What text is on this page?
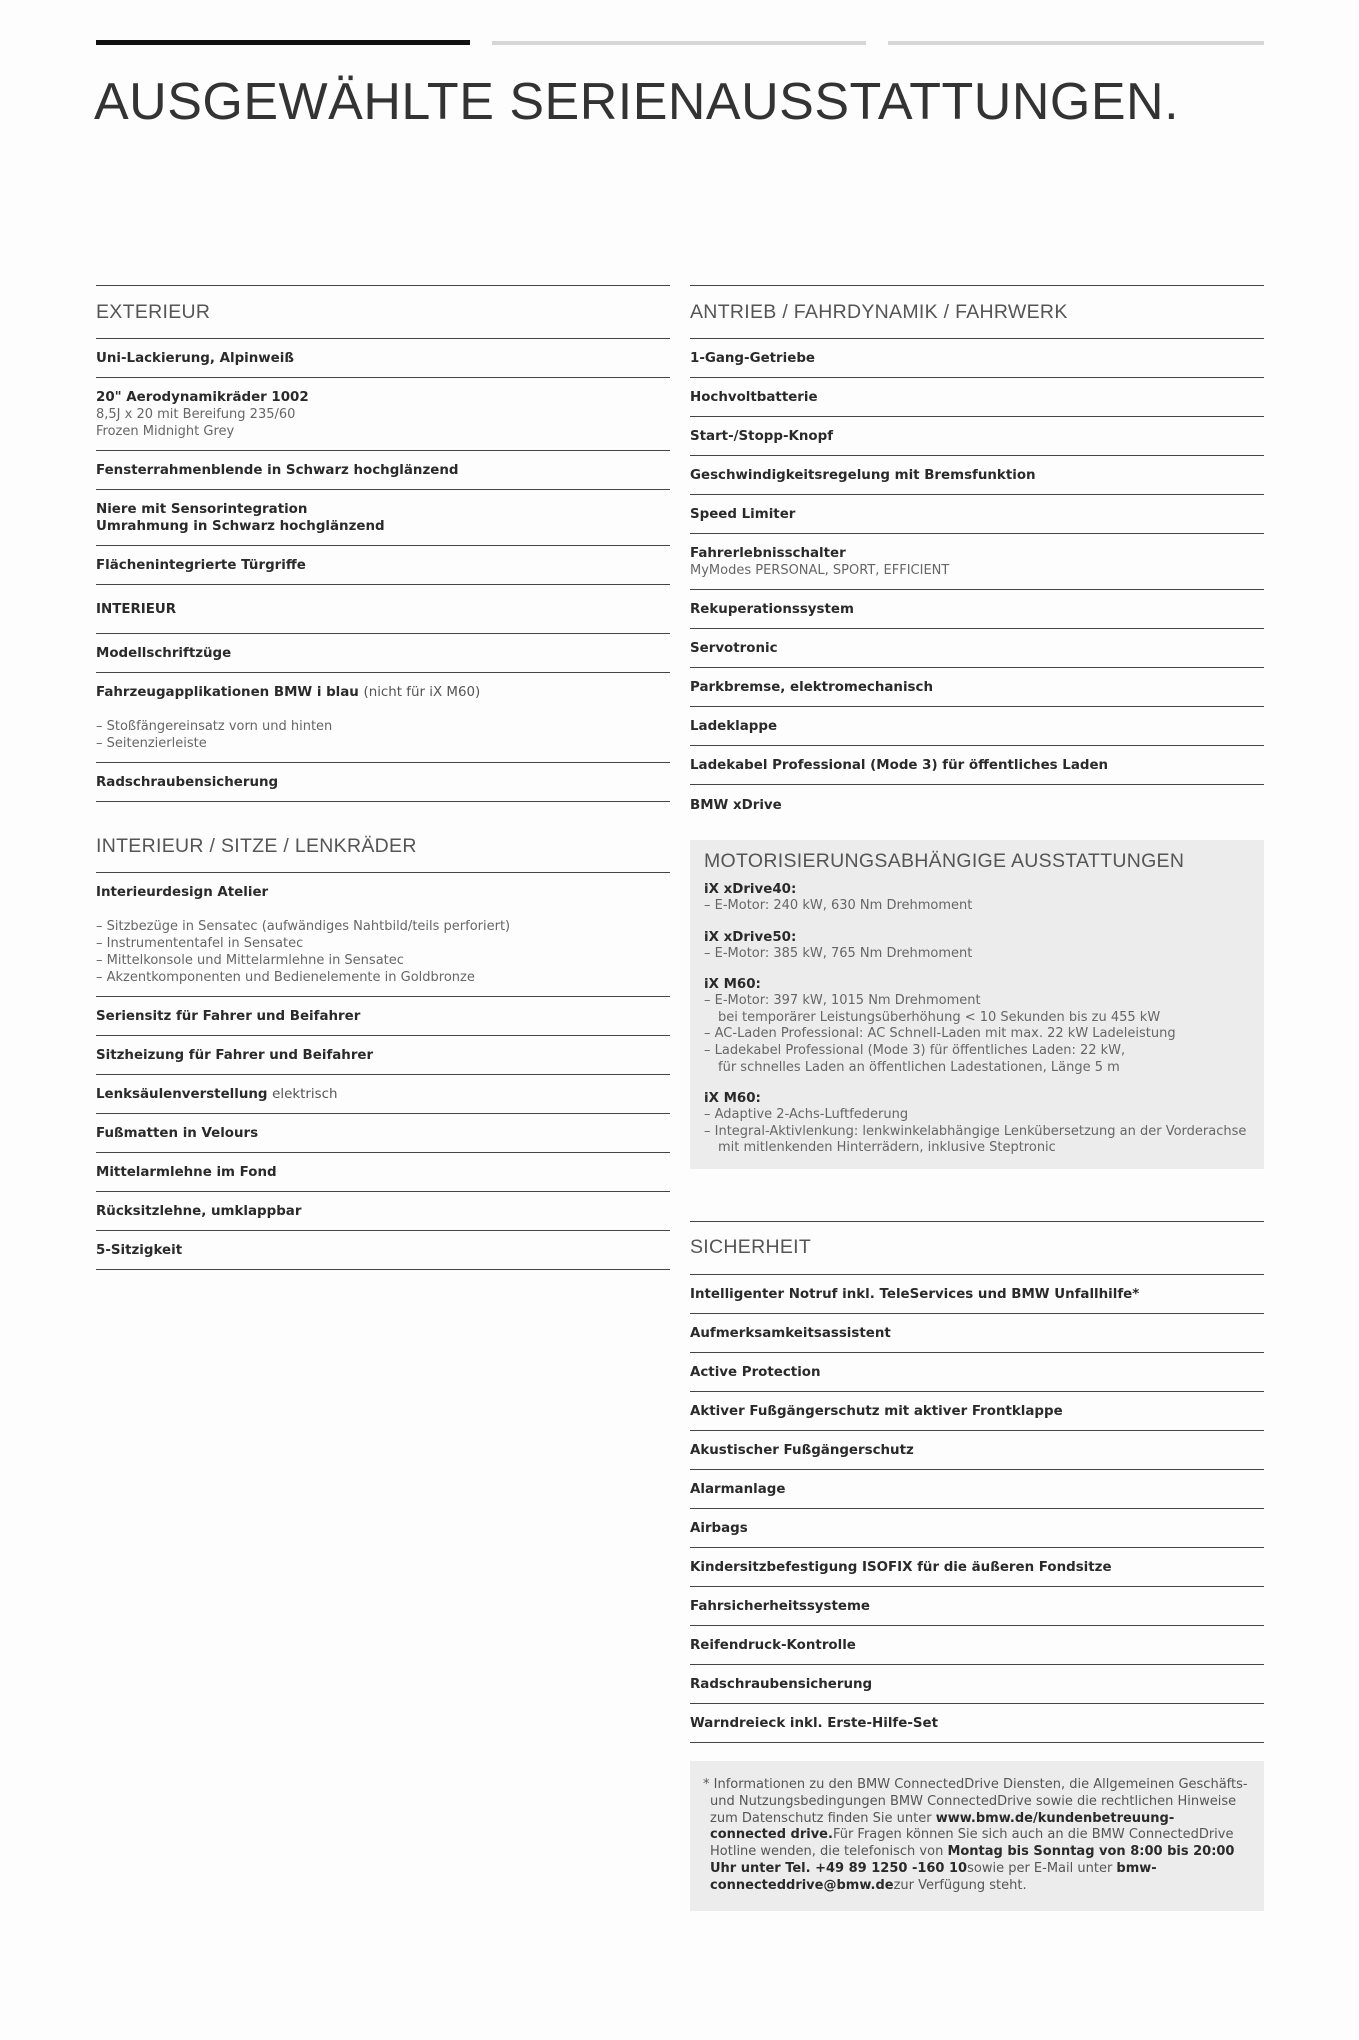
AUSGEWÄHLTE SERIENAUSSTATTUNGEN.
EXTERIEUR
Uni-Lackierung, Alpinweiß
20" Aerodynamikräder 1002
8,5J x 20 mit Bereifung 235/60
Frozen Midnight Grey
Fensterrahmenblende in Schwarz hochglänzend
Niere mit Sensorintegration
Umrahmung in Schwarz hochglänzend
Flächenintegrierte Türgriffe
INTERIEUR
Modellschriftzüge
Fahrzeugapplikationen BMW i blau (nicht für iX M60)
– Stoßfängereinsatz vorn und hinten
– Seitenzierleiste
Radschraubensicherung
INTERIEUR / SITZE / LENKRÄDER
Interieurdesign Atelier
– Sitzbezüge in Sensatec (aufwändiges Nahtbild/teils perforiert)
– Instrumententafel in Sensatec
– Mittelkonsole und Mittelarmlehne in Sensatec
– Akzentkomponenten und Bedienelemente in Goldbronze
Seriensitz für Fahrer und Beifahrer
Sitzheizung für Fahrer und Beifahrer
Lenksäulenverstellung elektrisch
Fußmatten in Velours
Mittelarmlehne im Fond
Rücksitzlehne, umklappbar
5-Sitzigkeit
ANTRIEB / FAHRDYNAMIK / FAHRWERK
1-Gang-Getriebe
Hochvoltbatterie
Start-/Stopp-Knopf
Geschwindigkeitsregelung mit Bremsfunktion
Speed Limiter
Fahrerlebnisschalter
MyModes PERSONAL, SPORT, EFFICIENT
Rekuperationssystem
Servotronic
Parkbremse, elektromechanisch
Ladeklappe
Ladekabel Professional (Mode 3) für öffentliches Laden
BMW xDrive
MOTORISIERUNGSABHÄNGIGE AUSSTATTUNGEN
iX xDrive40:
– E-Motor: 240 kW, 630 Nm Drehmoment
iX xDrive50:
– E-Motor: 385 kW, 765 Nm Drehmoment
iX M60:
– E-Motor: 397 kW, 1015 Nm Drehmoment
bei temporärer Leistungsüberhöhung < 10 Sekunden bis zu 455 kW
– AC-Laden Professional: AC Schnell-Laden mit max. 22 kW Ladeleistung
– Ladekabel Professional (Mode 3) für öffentliches Laden: 22 kW,
für schnelles Laden an öffentlichen Ladestationen, Länge 5 m
iX M60:
– Adaptive 2-Achs-Luftfederung
– Integral-Aktivlenkung: lenkwinkelabhängige Lenkübersetzung an der Vorderachse
mit mitlenkenden Hinterrädern, inklusive Steptronic
SICHERHEIT
Intelligenter Notruf inkl. TeleServices und BMW Unfallhilfe*
Aufmerksamkeitsassistent
Active Protection
Aktiver Fußgängerschutz mit aktiver Frontklappe
Akustischer Fußgängerschutz
Alarmanlage
Airbags
Kindersitzbefestigung ISOFIX für die äußeren Fondsitze
Fahrsicherheitssysteme
Reifendruck-Kontrolle
Radschraubensicherung
Warndreieck inkl. Erste-Hilfe-Set
* Informationen zu den BMW ConnectedDrive Diensten, die Allgemeinen Geschäfts- und Nutzungsbedingungen BMW ConnectedDrive sowie die rechtlichen Hinweise zum Datenschutz finden Sie unter www.bmw.de/kundenbetreuung-connected drive.Für Fragen können Sie sich auch an die BMW ConnectedDrive Hotline wenden, die telefonisch von Montag bis Sonntag von 8:00 bis 20:00 Uhr unter Tel. +49 89 1250 -160 10sowie per E-Mail unter bmw-connecteddrive@bmw.dezur Verfügung steht.
